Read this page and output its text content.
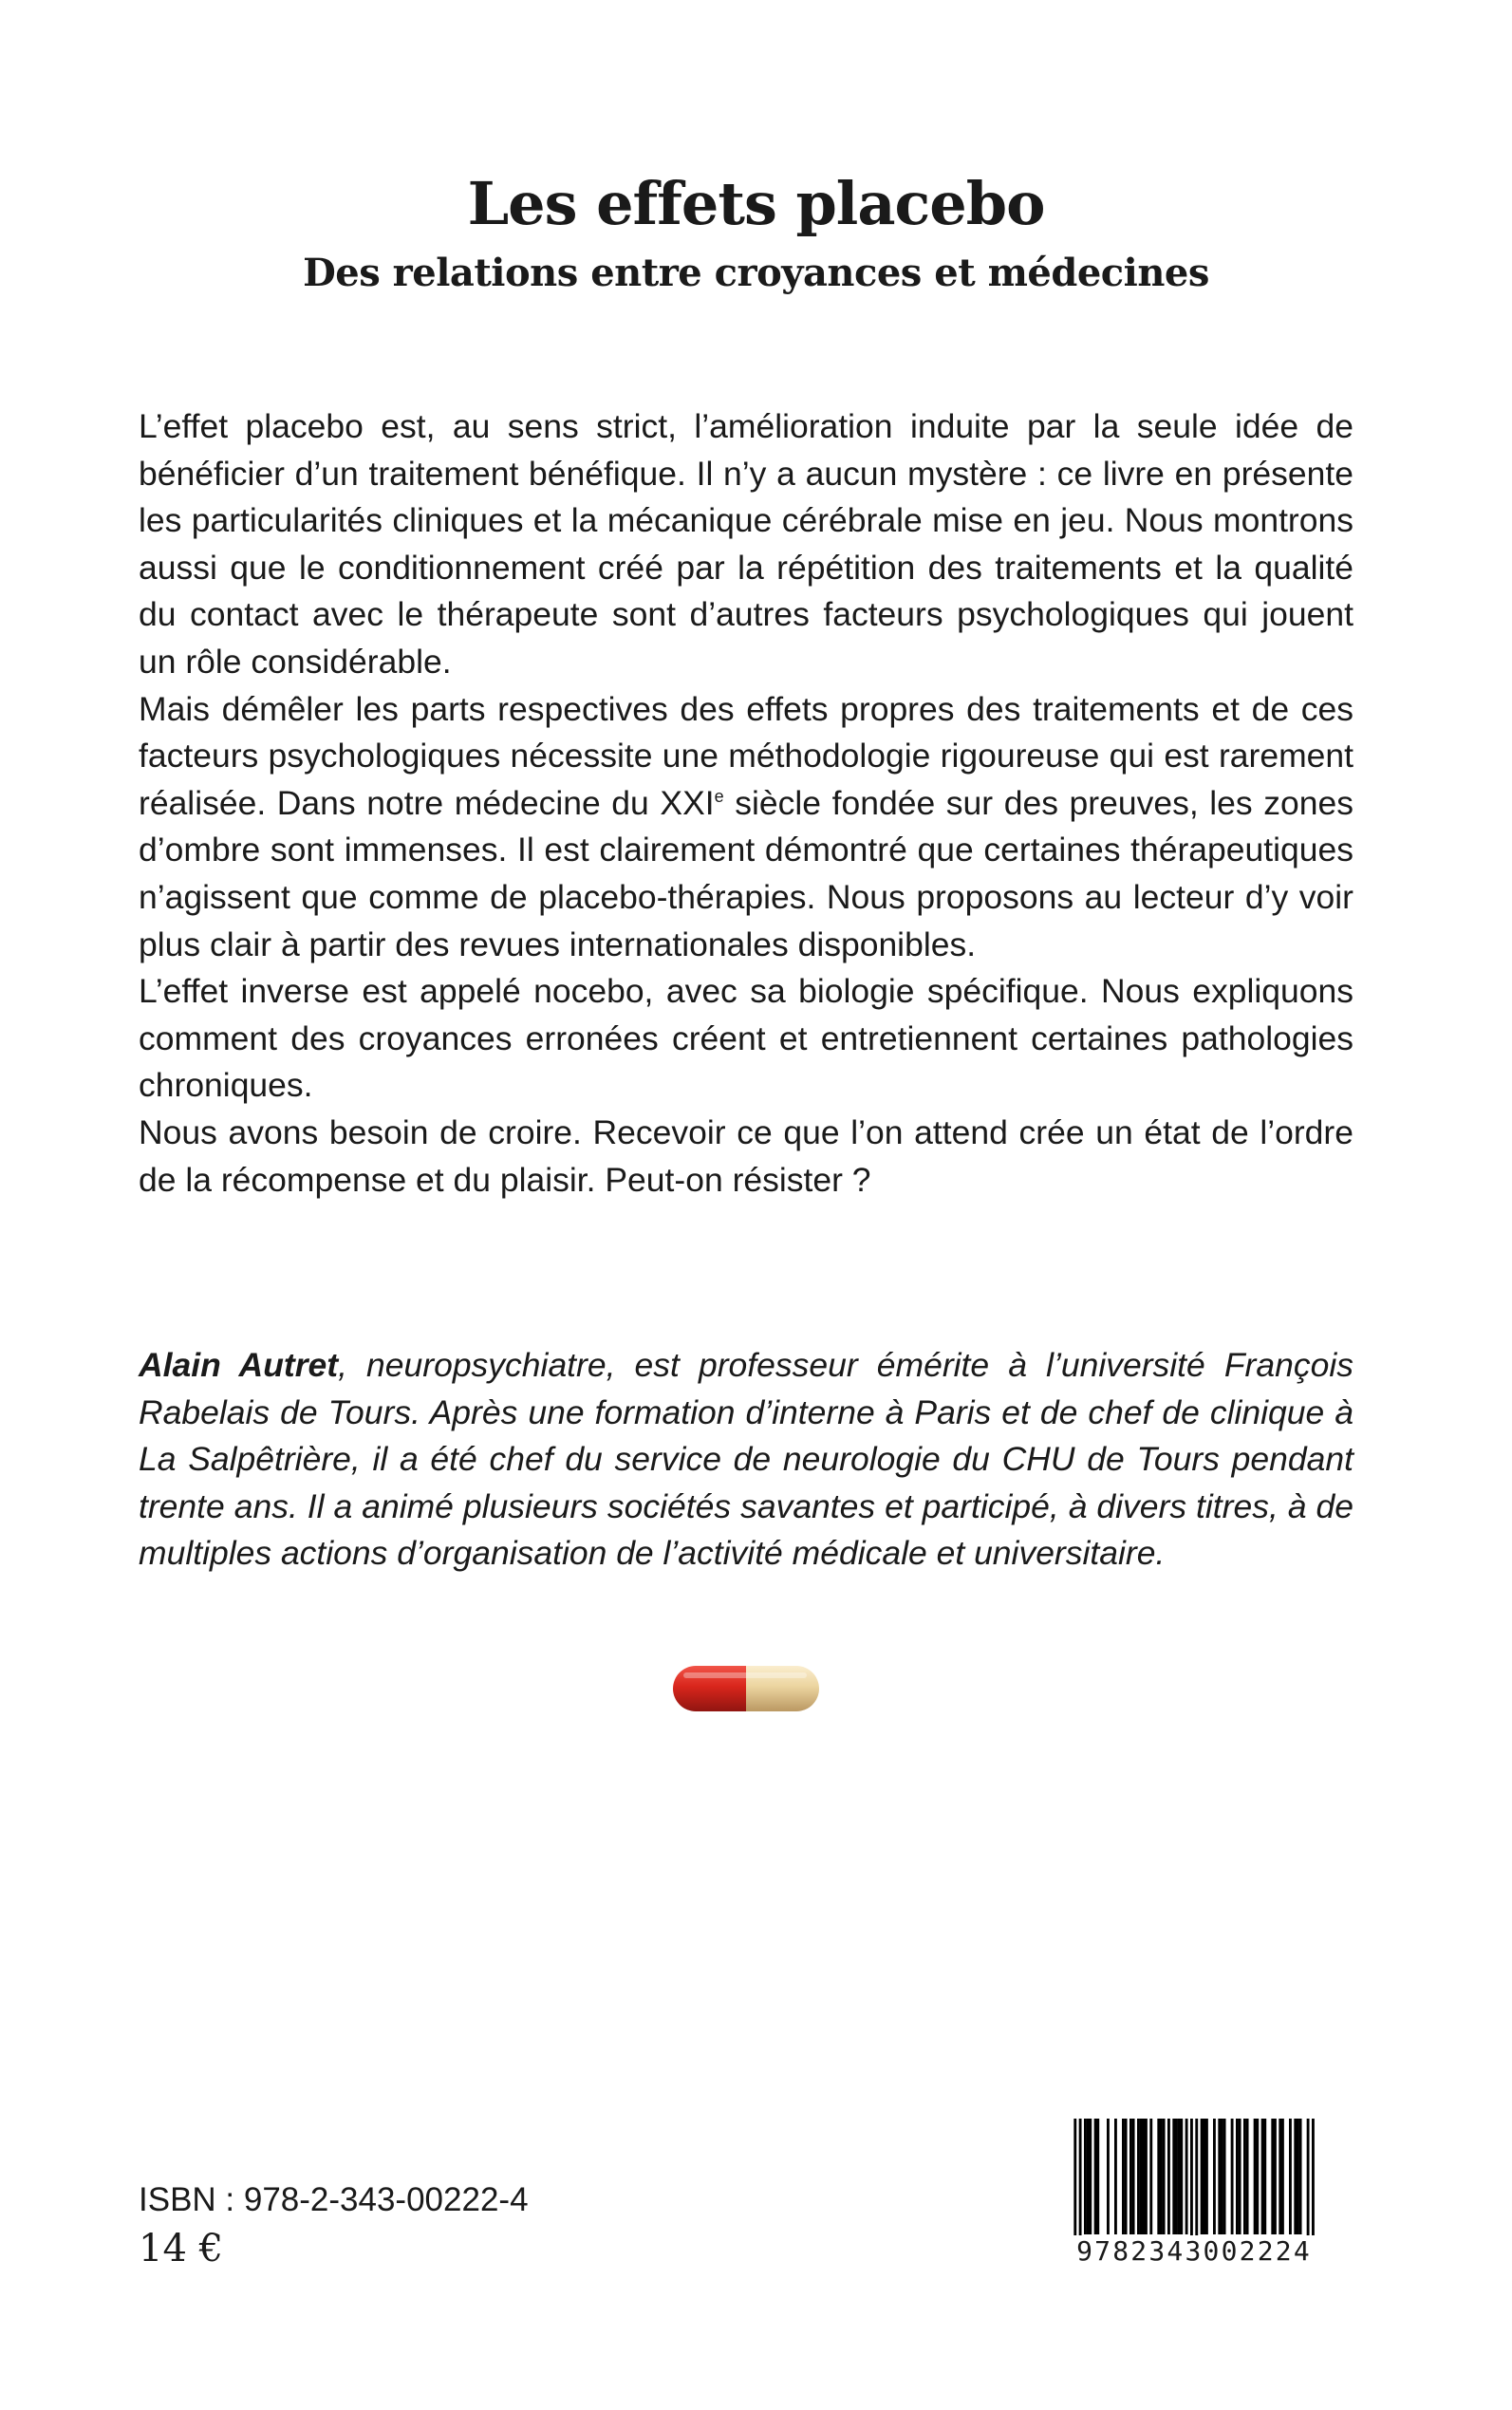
Les effets placebo
Des relations entre croyances et médecines

L’effet placebo est, au sens strict, l’amélioration induite par la seule idée de bénéficier d’un traitement bénéfique. Il n’y a aucun mystère : ce livre en présente les particularités cliniques et la mécanique cérébrale mise en jeu. Nous montrons aussi que le conditionnement créé par la répétition des traitements et la qualité du contact avec le thérapeute sont d’autres facteurs psychologiques qui jouent un rôle considérable.

Mais démêler les parts respectives des effets propres des traitements et de ces facteurs psychologiques nécessite une méthodologie rigoureuse qui est rarement réalisée. Dans notre médecine du XXIe siècle fondée sur des preuves, les zones d’ombre sont immenses. Il est clairement démontré que certaines thérapeutiques n’agissent que comme de placebo-thérapies. Nous proposons au lecteur d’y voir plus clair à partir des revues internationales disponibles.

L’effet inverse est appelé nocebo, avec sa biologie spécifique. Nous expliquons comment des croyances erronées créent et entretiennent certaines pathologies chroniques.

Nous avons besoin de croire. Recevoir ce que l’on attend crée un état de l’ordre de la récompense et du plaisir. Peut-on résister ?

Alain Autret, neuropsychiatre, est professeur émérite à l’université François Rabelais de Tours. Après une formation d’interne à Paris et de chef de clinique à La Salpêtrière, il a été chef du service de neurologie du CHU de Tours pendant trente ans. Il a animé plusieurs sociétés savantes et participé, à divers titres, à de multiples actions d’organisation de l’activité médicale et universitaire.

ISBN : 978-2-343-00222-4

14 €	9782343002224
